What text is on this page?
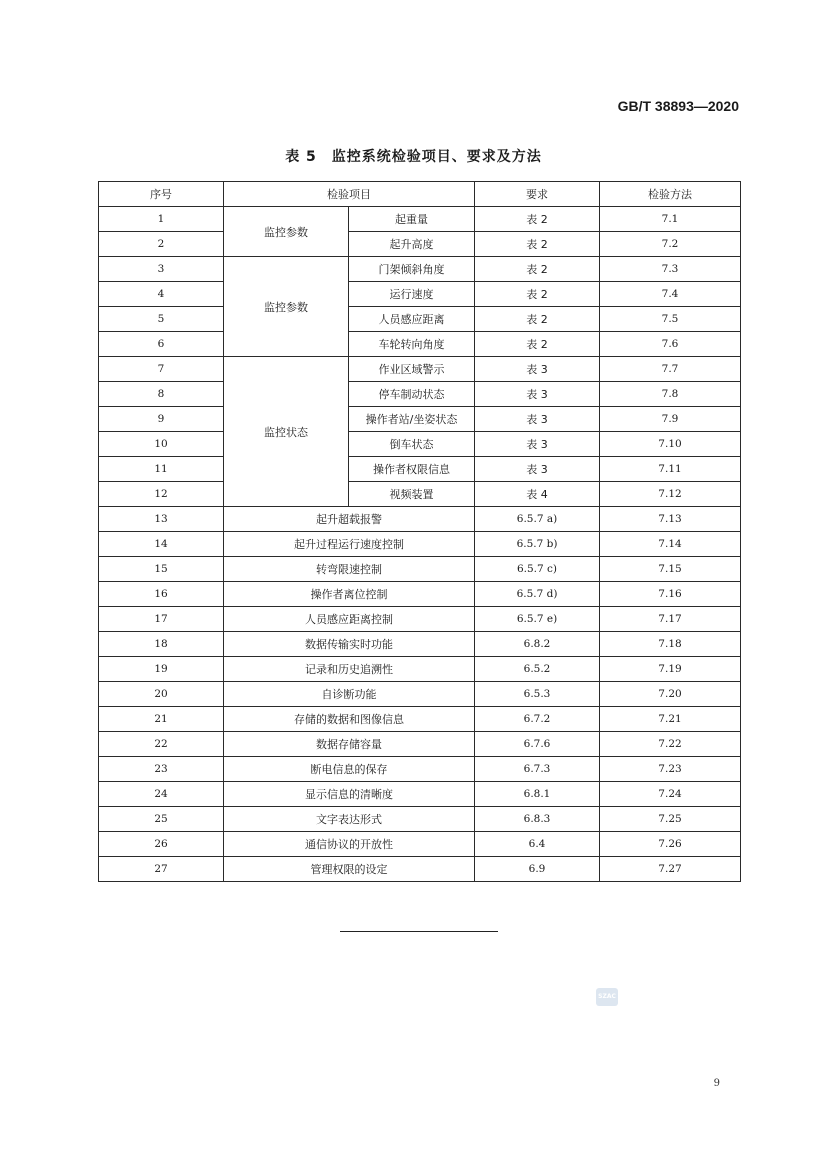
GB/T 38893—2020
表 5　监控系统检验项目、要求及方法
序号	检验项目		要求	检验方法
1	监控参数	起重量	表 2	7.1
2		起升高度	表 2	7.2
3	监控参数	门架倾斜角度	表 2	7.3
4		运行速度	表 2	7.4
5		人员感应距离	表 2	7.5
6		车轮转向角度	表 2	7.6
7	监控状态	作业区域警示	表 3	7.7
8		停车制动状态	表 3	7.8
9		操作者站/坐姿状态	表 3	7.9
10		倒车状态	表 3	7.10
11		操作者权限信息	表 3	7.11
12		视频装置	表 4	7.12
13	起升超载报警		6.5.7 a)	7.13
14	起升过程运行速度控制		6.5.7 b)	7.14
15	转弯限速控制		6.5.7 c)	7.15
16	操作者离位控制		6.5.7 d)	7.16
17	人员感应距离控制		6.5.7 e)	7.17
18	数据传输实时功能		6.8.2	7.18
19	记录和历史追溯性		6.5.2	7.19
20	自诊断功能		6.5.3	7.20
21	存储的数据和图像信息		6.7.2	7.21
22	数据存储容量		6.7.6	7.22
23	断电信息的保存		6.7.3	7.23
24	显示信息的清晰度		6.8.1	7.24
25	文字表达形式		6.8.3	7.25
26	通信协议的开放性		6.4	7.26
27	管理权限的设定		6.9	7.27
SZAC
9
